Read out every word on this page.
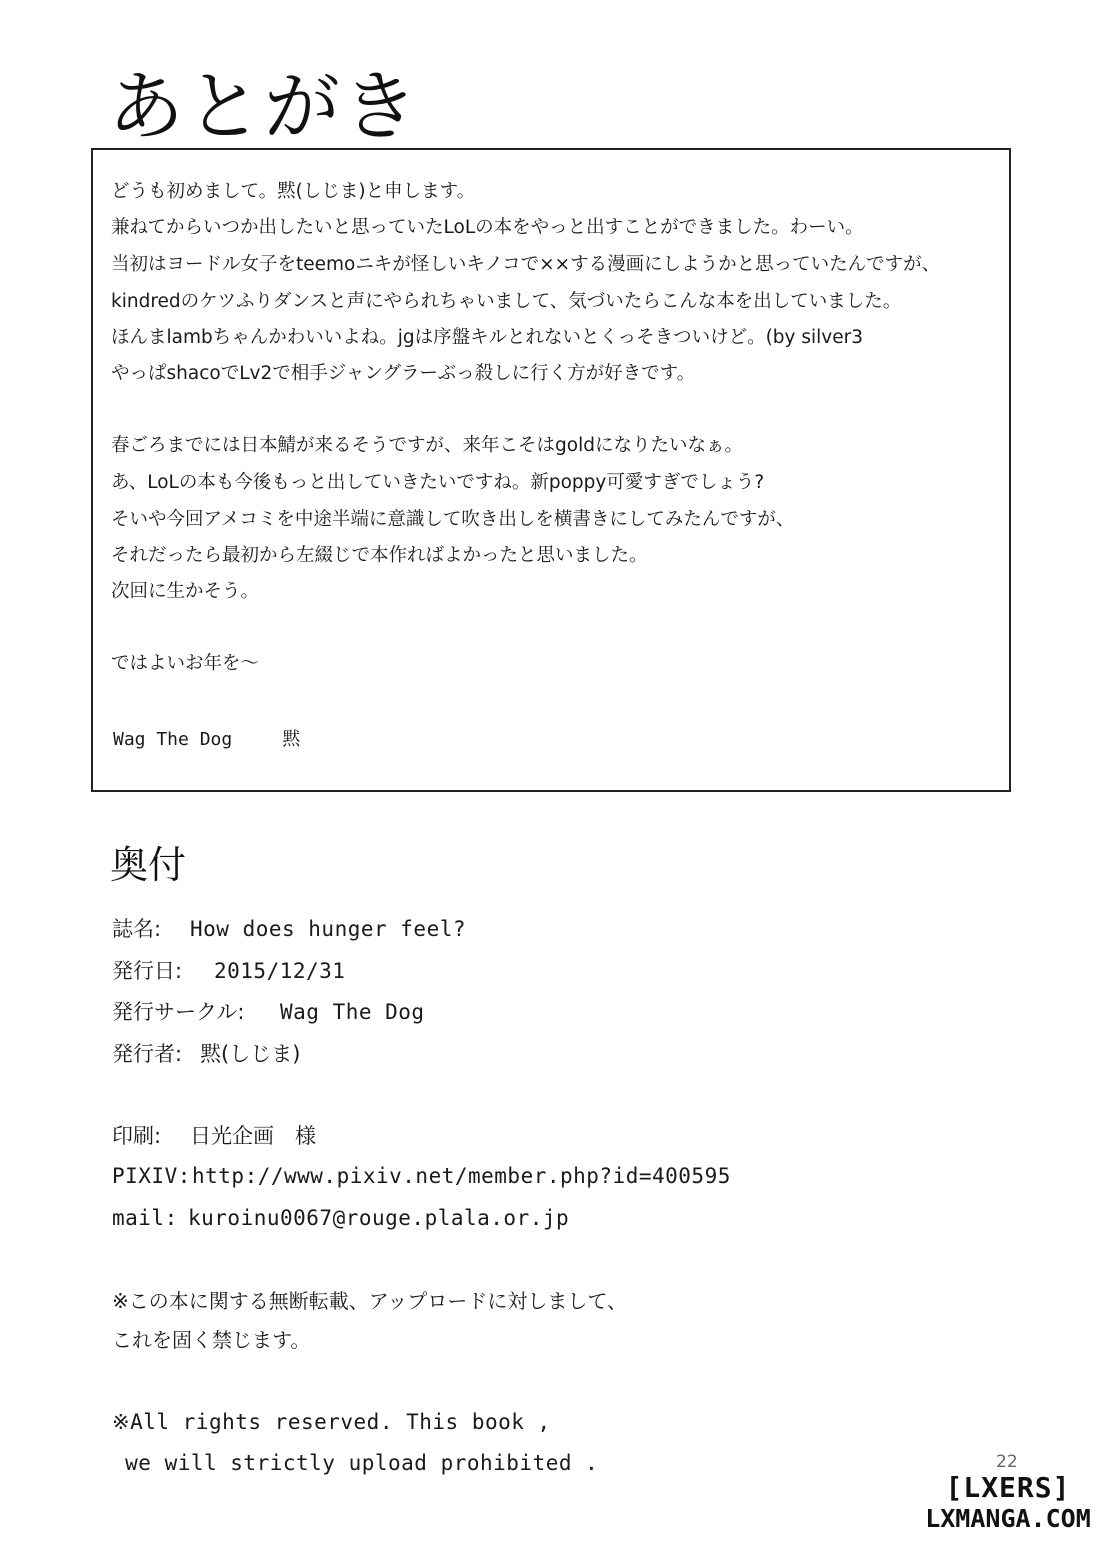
あとがき
どうも初めまして。黙(しじま)と申します。
兼ねてからいつか出したいと思っていたLoLの本をやっと出すことができました。わーい。
当初はヨードル女子をteemoニキが怪しいキノコで××する漫画にしようかと思っていたんですが、
kindredのケツふりダンスと声にやられちゃいまして、気づいたらこんな本を出していました。
ほんまlambちゃんかわいいよね。jgは序盤キルとれないとくっそきついけど。(by silver3
やっぱshacoでLv2で相手ジャングラーぶっ殺しに行く方が好きです。
春ごろまでには日本鯖が来るそうですが、来年こそはgoldになりたいなぁ。
あ、LoLの本も今後もっと出していきたいですね。新poppy可愛すぎでしょう?
そいや今回アメコミを中途半端に意識して吹き出しを横書きにしてみたんですが、
それだったら最初から左綴じで本作ればよかったと思いました。
次回に生かそう。
ではよいお年を〜
Wag The Dog	黙
奥付
誌名: How does hunger feel?
発行日: 2015/12/31
発行サークル: Wag The Dog
発行者: 黙(しじま)
印刷: 日光企画　様
PIXIV:http://www.pixiv.net/member.php?id=400595
mail: kuroinu0067@rouge.plala.or.jp
※この本に関する無断転載、アップロードに対しまして、
これを固く禁じます。
※All rights reserved. This book ,
we will strictly upload prohibited .	22
[LXERS]
LXMANGA.COM
